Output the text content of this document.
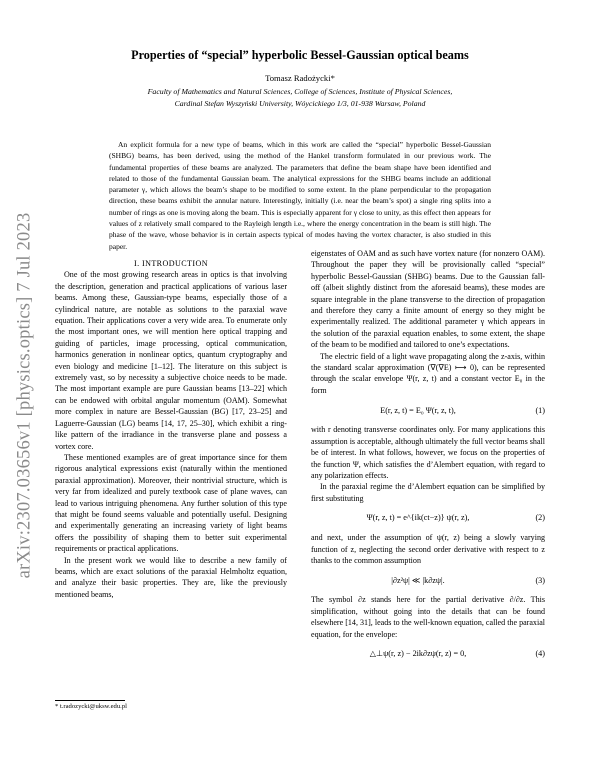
arXiv:2307.03656v1 [physics.optics] 7 Jul 2023
Properties of “special” hyperbolic Bessel-Gaussian optical beams
Tomasz Radożycki*
Faculty of Mathematics and Natural Sciences, College of Sciences, Institute of Physical Sciences,
Cardinal Stefan Wyszyński University, Wóycickiego 1/3, 01-938 Warsaw, Poland
An explicit formula for a new type of beams, which in this work are called the “special” hyperbolic Bessel-Gaussian (SHBG) beams, has been derived, using the method of the Hankel transform formulated in our previous work. The fundamental properties of these beams are analyzed. The parameters that define the beam shape have been identified and related to those of the fundamental Gaussian beam. The analytical expressions for the SHBG beams include an additional parameter γ, which allows the beam’s shape to be modified to some extent. In the plane perpendicular to the propagation direction, these beams exhibit the annular nature. Interestingly, initially (i.e. near the beam’s spot) a single ring splits into a number of rings as one is moving along the beam. This is especially apparent for γ close to unity, as this effect then appears for values of z relatively small compared to the Rayleigh length i.e., where the energy concentration in the beam is still high. The phase of the wave, whose behavior is in certain aspects typical of modes having the vortex character, is also studied in this paper.

I. INTRODUCTION

One of the most growing research areas in optics is that involving the description, generation and practical applications of various laser beams. Among these, Gaussian-type beams, especially those of a cylindrical nature, are notable as solutions to the paraxial wave equation. Their applications cover a very wide area. To enumerate only the most important ones, we will mention here optical trapping and guiding of particles, image processing, optical communication, harmonics generation in nonlinear optics, quantum cryptography and even biology and medicine [1–12]. The literature on this subject is extremely vast, so by necessity a subjective choice needs to be made. The most important example are pure Gaussian beams [13–22] which can be endowed with orbital angular momentum (OAM). Somewhat more complex in nature are Bessel-Gaussian (BG) [17, 23–25] and Laguerre-Gaussian (LG) beams [14, 17, 25–30], which exhibit a ring-like pattern of the irradiance in the transverse plane and possess a vortex core.

These mentioned examples are of great importance since for them rigorous analytical expressions exist (naturally within the mentioned paraxial approximation). Moreover, their nontrivial structure, which is very far from idealized and purely textbook case of plane waves, can lead to various intriguing phenomena. Any further solution of this type that might be found seems valuable and potentially useful. Designing and experimentally generating an increasing variety of light beams offers the possibility of shaping them to better suit experimental requirements or practical applications.

In the present work we would like to describe a new family of beams, which are exact solutions of the paraxial Helmholtz equation, and analyze their basic properties. They are, like the previously mentioned beams,

eigenstates of OAM and as such have vortex nature (for nonzero OAM). Throughout the paper they will be provisionally called “special” hyperbolic Bessel-Gaussian (SHBG) beams. Due to the Gaussian fall-off (albeit slightly distinct from the aforesaid beams), these modes are square integrable in the plane transverse to the direction of propagation and therefore they carry a finite amount of energy so they might be experimentally realized. The additional parameter γ which appears in the solution of the paraxial equation enables, to some extent, the shape of the beam to be modified and tailored to one’s expectations.

The electric field of a light wave propagating along the z-axis, within the standard scalar approximation (∇(∇E) ⟼ 0), can be represented through the scalar envelope Ψ(r, z, t) and a constant vector E₀ in the form

E(r, z, t) = E₀ Ψ(r, z, t),	(1)

with r denoting transverse coordinates only. For many applications this assumption is acceptable, although ultimately the full vector beams shall be of interest. In what follows, however, we focus on the properties of the function Ψ, which satisfies the d’Alembert equation, with regard to any polarization effects.

In the paraxial regime the d’Alembert equation can be simplified by first substituting

Ψ(r, z, t) = e^{ik(ct−z)} ψ(r, z),	(2)

and next, under the assumption of ψ(r, z) being a slowly varying function of z, neglecting the second order derivative with respect to z thanks to the common assumption

|∂z²ψ| ≪ |k∂zψ|.	(3)

The symbol ∂z stands here for the partial derivative ∂/∂z. This simplification, without going into the details that can be found elsewhere [14, 31], leads to the well-known equation, called the paraxial equation, for the envelope:

△⊥ψ(r, z) − 2ik∂zψ(r, z) = 0,	(4)
* t.radozycki@uksw.edu.pl
